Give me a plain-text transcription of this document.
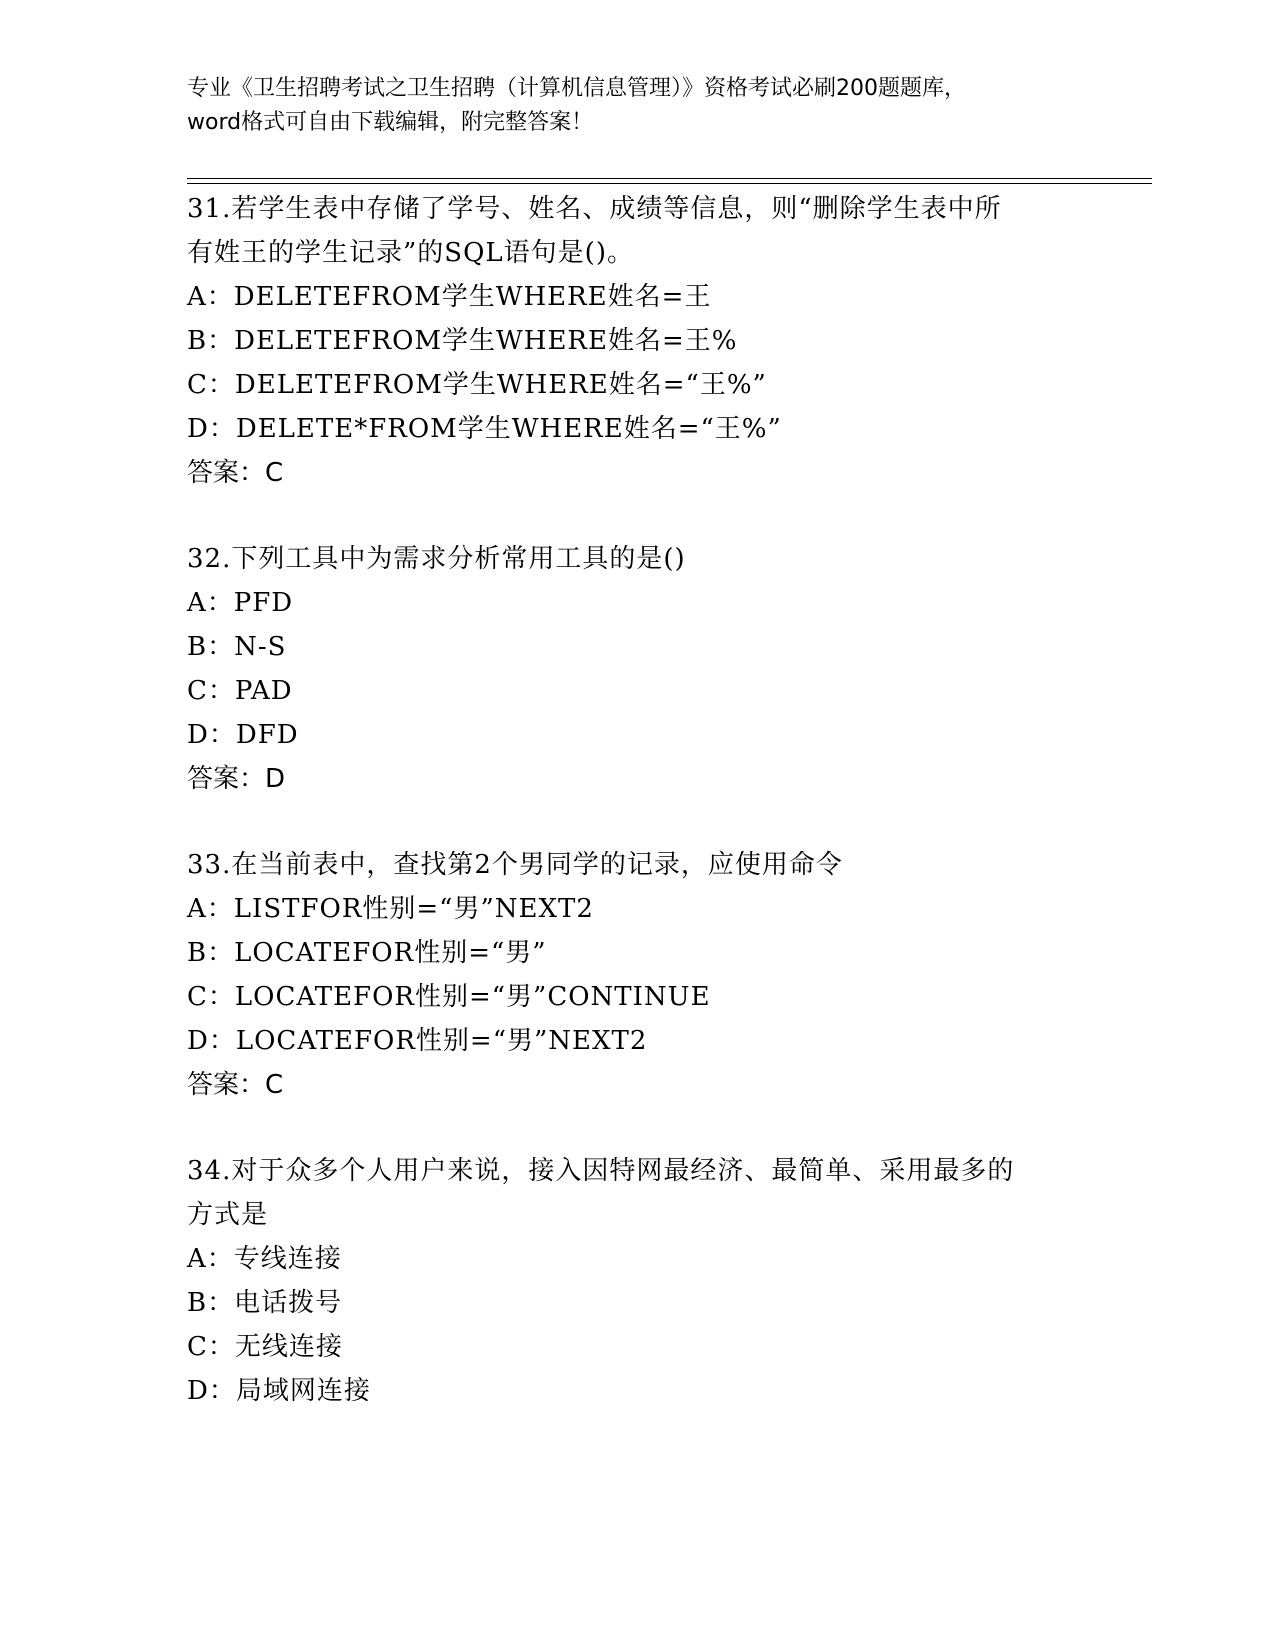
专业《卫生招聘考试之卫生招聘（计算机信息管理）》资格考试必刷200题题库，
word格式可自由下载编辑，附完整答案！
31.若学生表中存储了学号、姓名、成绩等信息，则“删除学生表中所
有姓王的学生记录”的SQL语句是()。
A：DELETEFROM学生WHERE姓名=王
B：DELETEFROM学生WHERE姓名=王%
C：DELETEFROM学生WHERE姓名=“王%”
D：DELETE*FROM学生WHERE姓名=“王%”
答案：C
32.下列工具中为需求分析常用工具的是()
A：PFD
B：N-S
C：PAD
D：DFD
答案：D
33.在当前表中，查找第2个男同学的记录，应使用命令
A：LISTFOR性别=“男”NEXT2
B：LOCATEFOR性别=“男”
C：LOCATEFOR性别=“男”CONTINUE
D：LOCATEFOR性别=“男”NEXT2
答案：C
34.对于众多个人用户来说，接入因特网最经济、最简单、采用最多的
方式是
A：专线连接
B：电话拨号
C：无线连接
D：局域网连接
